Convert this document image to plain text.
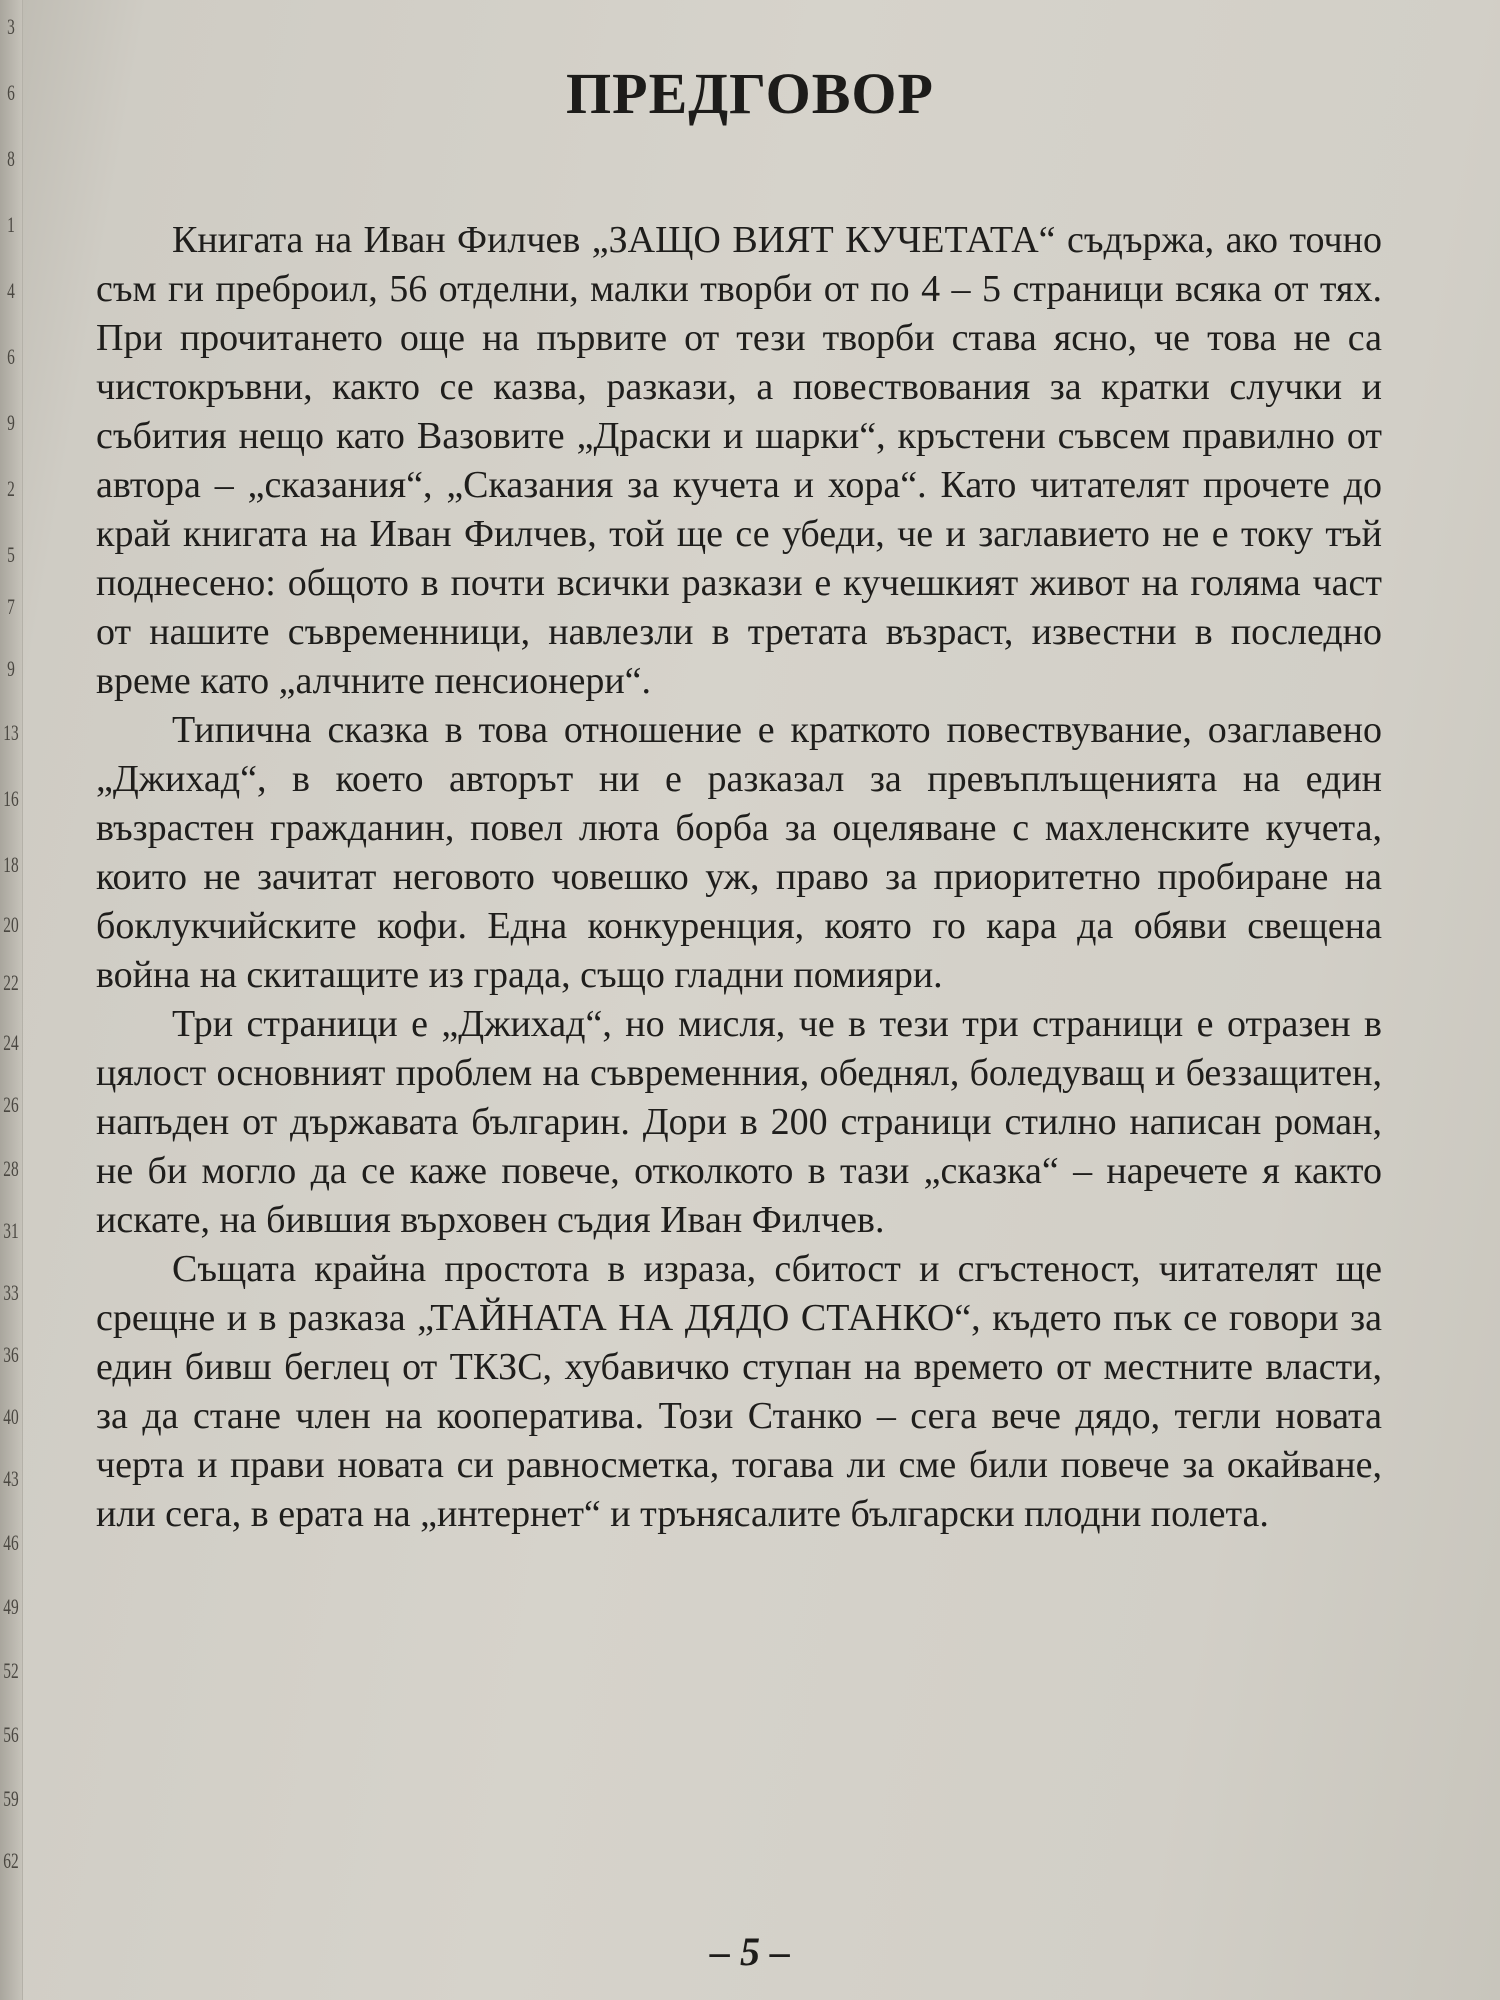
3
6
8
1
4
6
9
2
5
7
9
13
16
18
20
22
24
26
28
31
33
36
40
43
46
49
52
56
59
62
ПРЕДГОВОР

Книгата на Иван Филчев „ЗАЩО ВИЯТ КУЧЕТАТА“ съдържа, ако точно съм ги преброил, 56 отделни, малки творби от по 4 – 5 страници всяка от тях. При прочитането още на първите от тези творби става ясно, че това не са чистокръвни, както се казва, разкази, а повествования за кратки случки и събития нещо като Вазовите „Драски и шарки“, кръстени съвсем правилно от автора – „сказания“, „Сказания за кучета и хора“. Като читателят прочете до край книгата на Иван Филчев, той ще се убеди, че и заглавието не е току тъй поднесено: общото в почти всички разкази е кучешкият живот на голяма част от нашите съвременници, навлезли в третата възраст, известни в последно време като „алчните пенсионери“.

Типична сказка в това отношение е краткото повествувание, озаглавено „Джихад“, в което авторът ни е разказал за превъплъщенията на един възрастен гражданин, повел люта борба за оцеляване с махленските кучета, които не зачитат неговото човешко уж, право за приоритетно пробиране на боклукчийските кофи. Една конкуренция, която го кара да обяви свещена война на скитащите из града, също гладни помияри.

Три страници е „Джихад“, но мисля, че в тези три страници е отразен в цялост основният проблем на съвременния, обеднял, боледуващ и беззащитен, напъден от държавата българин. Дори в 200 страници стилно написан роман, не би могло да се каже повече, отколкото в тази „сказка“ – наречете я както искате, на бившия върховен съдия Иван Филчев.

Същата крайна простота в израза, сбитост и сгъстеност, читателят ще срещне и в разказа „ТАЙНАТА НА ДЯДО СТАНКО“, където пък се говори за един бивш беглец от ТКЗС, хубавичко ступан на времето от местните власти, за да стане член на кооператива. Този Станко – сега вече дядо, тегли новата черта и прави новата си равносметка, тогава ли сме били повече за окайване, или сега, в ерата на „интернет“ и трънясалите български плодни полета.

– 5 –
